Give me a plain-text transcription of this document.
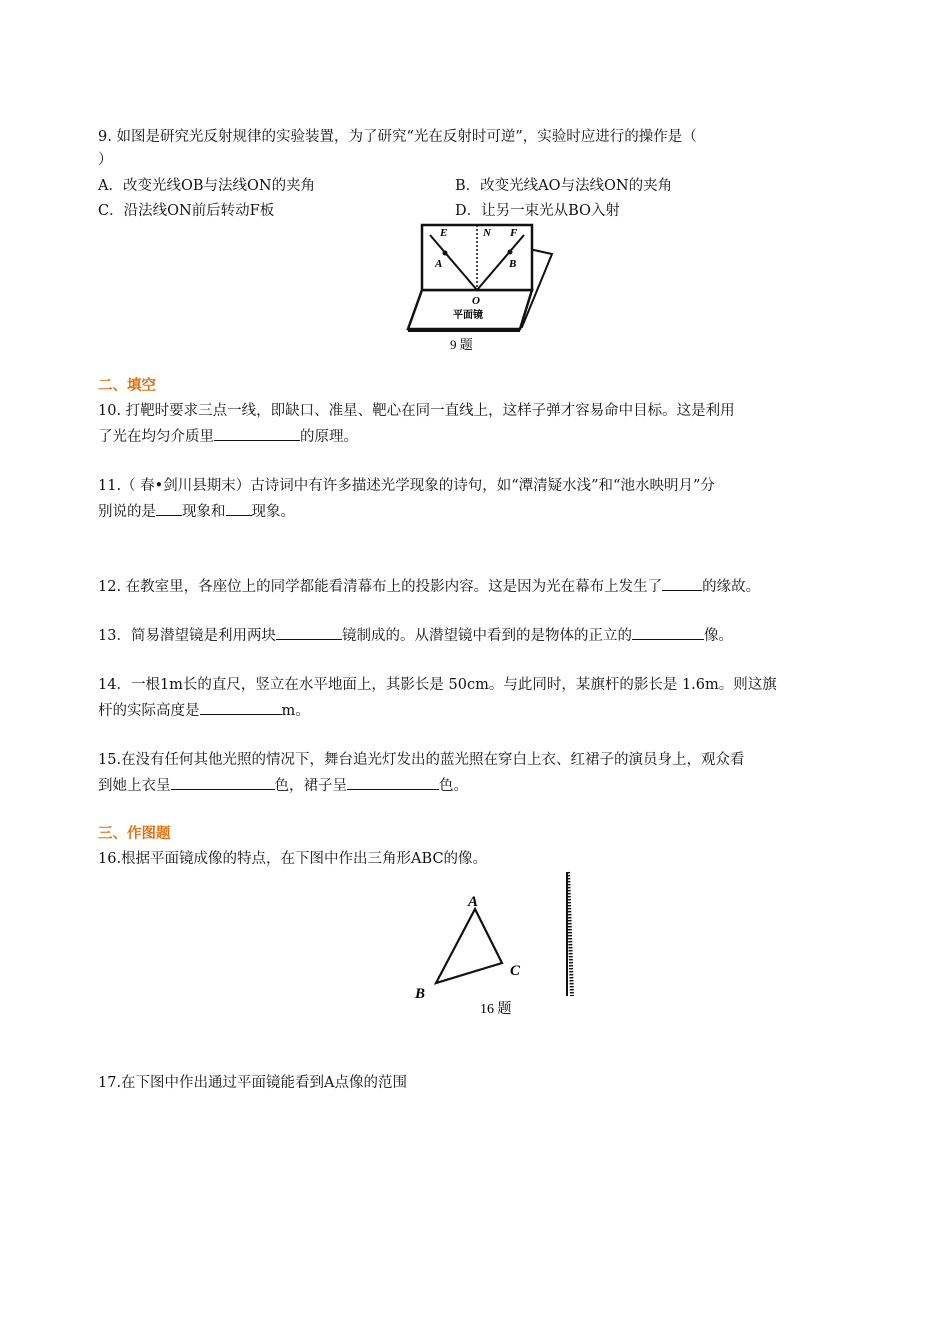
9. 如图是研究光反射规律的实验装置，为了研究“光在反射时可逆”，实验时应进行的操作是（
）
A．改变光线OB与法线ON的夹角	B．改变光线AO与法线ON的夹角
C．沿法线ON前后转动F板	D．让另一束光从BO入射
E	N F
A	B
O
平面镜
9 题
二、填空
10. 打靶时要求三点一线，即缺口、准星、靶心在同一直线上，这样子弹才容易命中目标。这是利用
了光在均匀介质里	的原理。
11.（ 春•剑川县期末）古诗词中有许多描述光学现象的诗句，如“潭清疑水浅”和“池水映明月”分
别说的是 现象和 现象。
12. 在教室里，各座位上的同学都能看清幕布上的投影内容。这是因为光在幕布上发生了	的缘故。
13．简易潜望镜是利用两块	镜制成的。从潜望镜中看到的是物体的正立的	像。
14．一根1m长的直尺，竖立在水平地面上，其影长是 50cm。与此同时，某旗杆的影长是 1.6m。则这旗
杆的实际高度是	m。
15.在没有任何其他光照的情况下，舞台追光灯发出的蓝光照在穿白上衣、红裙子的演员身上，观众看
到她上衣呈	色，裙子呈	色。
三、作图题
16.根据平面镜成像的特点，在下图中作出三角形ABC的像。
A
B
C
16 题
17.在下图中作出通过平面镜能看到A点像的范围
